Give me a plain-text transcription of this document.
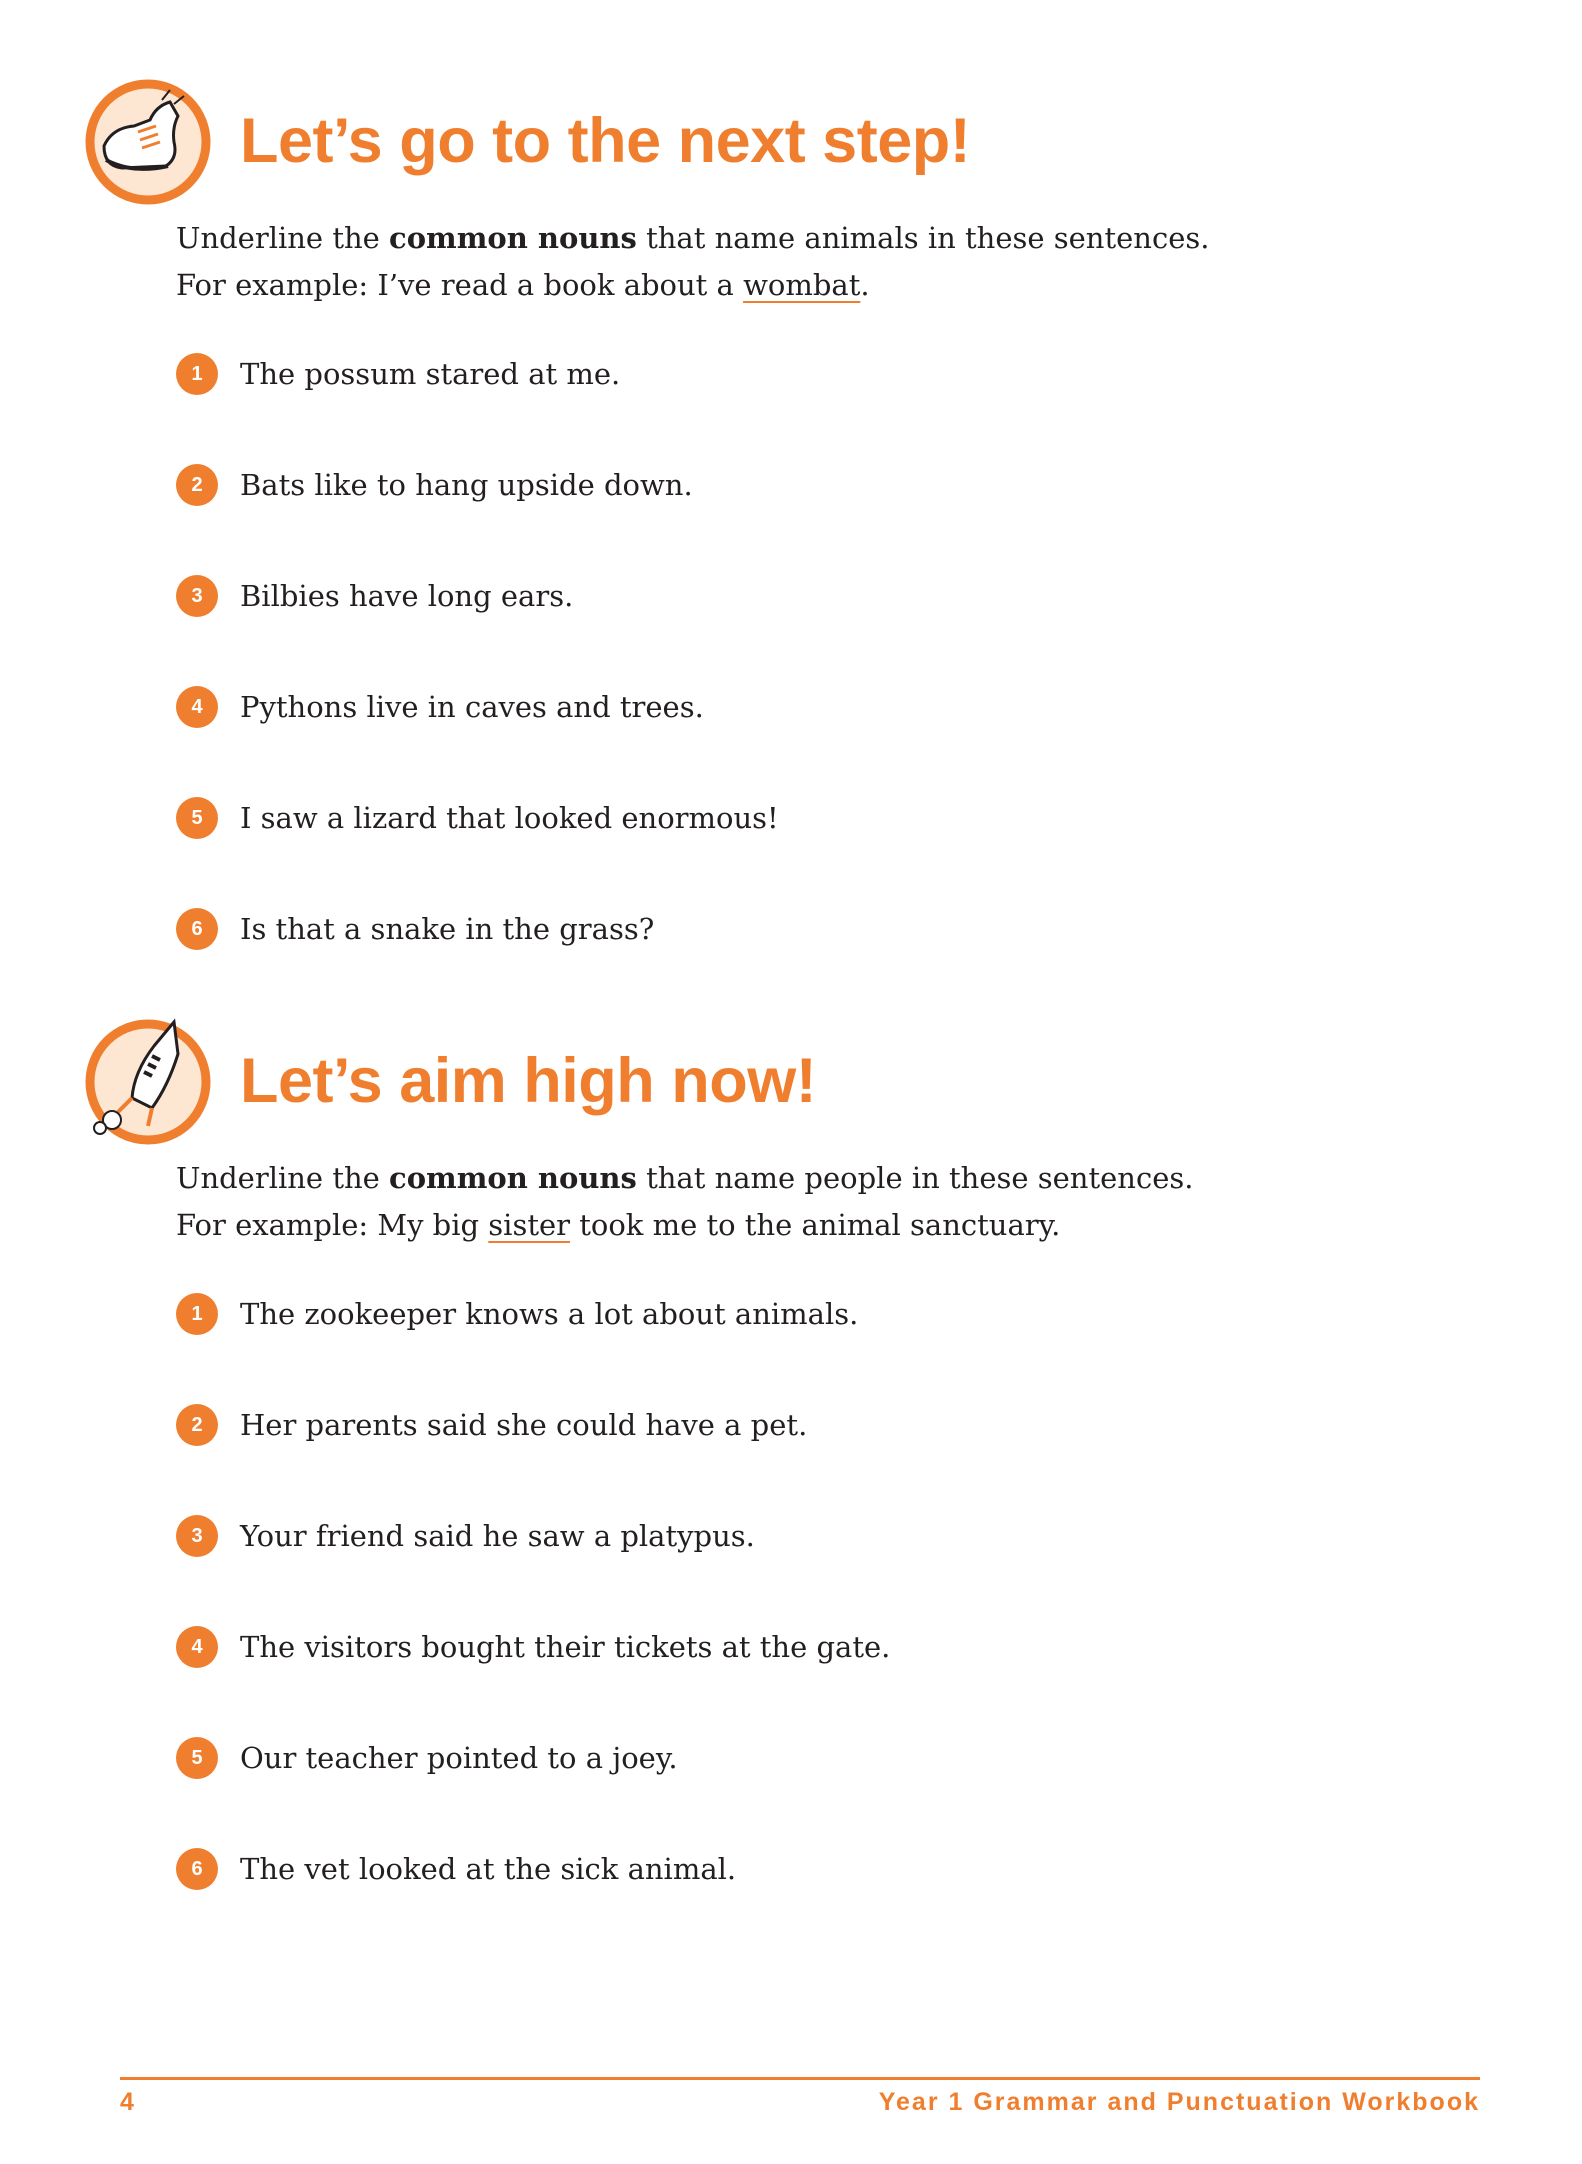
Let’s go to the next step!

Underline the common nouns that name animals in these sentences.

For example: I’ve read a book about a wombat.

1	The possum stared at me.
2	Bats like to hang upside down.
3	Bilbies have long ears.
4	Pythons live in caves and trees.
5	I saw a lizard that looked enormous!
6	Is that a snake in the grass?
Let’s aim high now!

Underline the common nouns that name people in these sentences.

For example: My big sister took me to the animal sanctuary.

1	The zookeeper knows a lot about animals.
2	Her parents said she could have a pet.
3	Your friend said he saw a platypus.
4	The visitors bought their tickets at the gate.
5	Our teacher pointed to a joey.
6	The vet looked at the sick animal.
4	Year 1 Grammar and Punctuation Workbook
